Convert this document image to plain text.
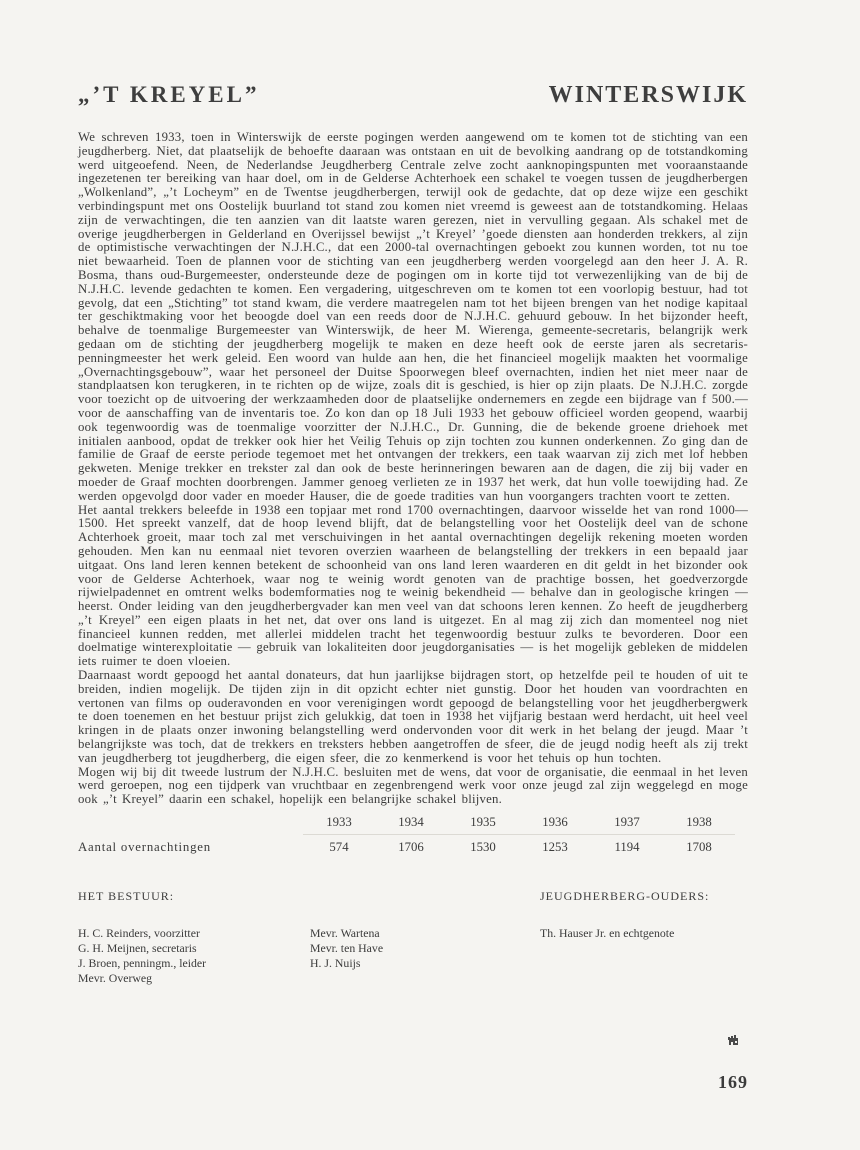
„’T KREYEL”	WINTERSWIJK

We schreven 1933, toen in Winterswijk de eerste pogingen werden aangewend om te komen tot de stichting van een jeugdherberg. Niet, dat plaatselijk de behoefte daaraan was ontstaan en uit de bevolking aandrang op de totstandkoming werd uitgeoefend. Neen, de Nederlandse Jeugdherberg Centrale zelve zocht aanknopingspunten met vooraanstaande ingezetenen ter bereiking van haar doel, om in de Gelderse Achterhoek een schakel te voegen tussen de jeugdherbergen „Wolkenland”, „’t Locheym” en de Twentse jeugdherbergen, terwijl ook de gedachte, dat op deze wijze een geschikt verbindingspunt met ons Oostelijk buurland tot stand zou komen niet vreemd is geweest aan de totstandkoming. Helaas zijn de verwachtingen, die ten aanzien van dit laatste waren gerezen, niet in vervulling gegaan. Als schakel met de overige jeugdherbergen in Gelderland en Overijssel bewijst „’t Kreyel’ ’goede diensten aan honderden trekkers, al zijn de optimistische verwachtingen der N.J.H.C., dat een 2000-tal overnachtingen geboekt zou kunnen worden, tot nu toe niet bewaarheid. Toen de plannen voor de stichting van een jeugdherberg werden voorgelegd aan den heer J. A. R. Bosma, thans oud-Burgemeester, ondersteunde deze de pogingen om in korte tijd tot verwezenlijking van de bij de N.J.H.C. levende gedachten te komen. Een vergadering, uitgeschreven om te komen tot een voorlopig bestuur, had tot gevolg, dat een „Stichting” tot stand kwam, die verdere maatregelen nam tot het bijeen brengen van het nodige kapitaal ter geschiktmaking voor het beoogde doel van een reeds door de N.J.H.C. gehuurd gebouw. In het bijzonder heeft, behalve de toenmalige Burgemeester van Winterswijk, de heer M. Wierenga, gemeente-secretaris, belangrijk werk gedaan om de stichting der jeugdherberg mogelijk te maken en deze heeft ook de eerste jaren als secretaris-penningmeester het werk geleid. Een woord van hulde aan hen, die het financieel mogelijk maakten het voormalige „Overnachtingsgebouw”, waar het personeel der Duitse Spoorwegen bleef overnachten, indien het niet meer naar de standplaatsen kon terugkeren, in te richten op de wijze, zoals dit is geschied, is hier op zijn plaats. De N.J.H.C. zorgde voor toezicht op de uitvoering der werkzaamheden door de plaatselijke ondernemers en zegde een bijdrage van f 500.— voor de aanschaffing van de inventaris toe. Zo kon dan op 18 Juli 1933 het gebouw officieel worden geopend, waarbij ook tegenwoordig was de toenmalige voorzitter der N.J.H.C., Dr. Gunning, die de bekende groene driehoek met initialen aanbood, opdat de trekker ook hier het Veilig Tehuis op zijn tochten zou kunnen onderkennen. Zo ging dan de familie de Graaf de eerste periode tegemoet met het ontvangen der trekkers, een taak waarvan zij zich met lof hebben gekweten. Menige trekker en trekster zal dan ook de beste herinneringen bewaren aan de dagen, die zij bij vader en moeder de Graaf mochten doorbrengen. Jammer genoeg verlieten ze in 1937 het werk, dat hun volle toewijding had. Ze werden opgevolgd door vader en moeder Hauser, die de goede tradities van hun voorgangers trachten voort te zetten.

Het aantal trekkers beleefde in 1938 een topjaar met rond 1700 overnachtingen, daarvoor wisselde het van rond 1000—1500. Het spreekt vanzelf, dat de hoop levend blijft, dat de belangstelling voor het Oostelijk deel van de schone Achterhoek groeit, maar toch zal met verschuivingen in het aantal overnachtingen degelijk rekening moeten worden gehouden. Men kan nu eenmaal niet tevoren overzien waarheen de belangstelling der trekkers in een bepaald jaar uitgaat. Ons land leren kennen betekent de schoonheid van ons land leren waarderen en dit geldt in het bizonder ook voor de Gelderse Achterhoek, waar nog te weinig wordt genoten van de prachtige bossen, het goedverzorgde rijwielpadennet en omtrent welks bodemformaties nog te weinig bekendheid — behalve dan in geologische kringen — heerst. Onder leiding van den jeugdherbergvader kan men veel van dat schoons leren kennen. Zo heeft de jeugdherberg „’t Kreyel” een eigen plaats in het net, dat over ons land is uitgezet. En al mag zij zich dan momenteel nog niet financieel kunnen redden, met allerlei middelen tracht het tegenwoordig bestuur zulks te bevorderen. Door een doelmatige winterexploitatie — gebruik van lokaliteiten door jeugdorganisaties — is het mogelijk gebleken de middelen iets ruimer te doen vloeien.

Daarnaast wordt gepoogd het aantal donateurs, dat hun jaarlijkse bijdragen stort, op hetzelfde peil te houden of uit te breiden, indien mogelijk. De tijden zijn in dit opzicht echter niet gunstig. Door het houden van voordrachten en vertonen van films op ouderavonden en voor verenigingen wordt gepoogd de belangstelling voor het jeugdherbergwerk te doen toenemen en het bestuur prijst zich gelukkig, dat toen in 1938 het vijfjarig bestaan werd herdacht, uit heel veel kringen in de plaats onzer inwoning belangstelling werd ondervonden voor dit werk in het belang der jeugd. Maar ’t belangrijkste was toch, dat de trekkers en treksters hebben aangetroffen de sfeer, die de jeugd nodig heeft als zij trekt van jeugdherberg tot jeugdherberg, die eigen sfeer, die zo kenmerkend is voor het tehuis op hun tochten.

Mogen wij bij dit tweede lustrum der N.J.H.C. besluiten met de wens, dat voor de organisatie, die eenmaal in het leven werd geroepen, nog een tijdperk van vruchtbaar en zegenbrengend werk voor onze jeugd zal zijn weggelegd en moge ook „’t Kreyel” daarin een schakel, hopelijk een belangrijke schakel blijven.

1933	1934	1935	1936	1937	1938
Aantal overnachtingen	574	1706	1530	1253	1194	1708
HET BESTUUR:	JEUGDHERBERG-OUDERS:
H. C. Reinders, voorzitter
G. H. Meijnen, secretaris
J. Broen, penningm., leider
Mevr. Overweg
Mevr. Wartena
Mevr. ten Have
H. J. Nuijs
Th. Hauser Jr. en echtgenote
169
